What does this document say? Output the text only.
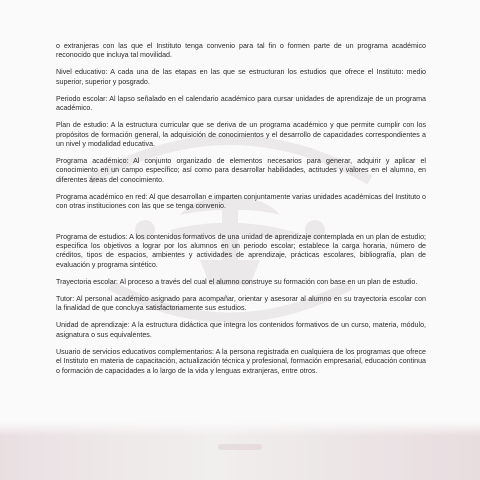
o extranjeras con las que el Instituto tenga convenio para tal fin o formen parte de un programa académico reconocido que incluya tal movilidad.

Nivel educativo: A cada una de las etapas en las que se estructuran los estudios que ofrece el Instituto: medio superior, superior y posgrado.

Periodo escolar: Al lapso señalado en el calendario académico para cursar unidades de aprendizaje de un programa académico.

Plan de estudio: A la estructura curricular que se deriva de un programa académico y que permite cumplir con los propósitos de formación general, la adquisición de conocimientos y el desarrollo de capacidades correspondientes a un nivel y modalidad educativa.

Programa académico: Al conjunto organizado de elementos necesarios para generar, adquirir y aplicar el conocimiento en un campo específico; así como para desarrollar habilidades, actitudes y valores en el alumno, en diferentes áreas del conocimiento.

Programa académico en red: Al que desarrollan e imparten conjuntamente varias unidades académicas del Instituto o con otras instituciones con las que se tenga convenio.

Programa de estudios: A los contenidos formativos de una unidad de aprendizaje contemplada en un plan de estudio; especifica los objetivos a lograr por los alumnos en un periodo escolar; establece la carga horaria, número de créditos, tipos de espacios, ambientes y actividades de aprendizaje, prácticas escolares, bibliografía, plan de evaluación y programa sintético.

Trayectoria escolar: Al proceso a través del cual el alumno construye su formación con base en un plan de estudio.

Tutor: Al personal académico asignado para acompañar, orientar y asesorar al alumno en su trayectoria escolar con la finalidad de que concluya satisfactoriamente sus estudios.

Unidad de aprendizaje: A la estructura didáctica que integra los contenidos formativos de un curso, materia, módulo, asignatura o sus equivalentes.

Usuario de servicios educativos complementarios: A la persona registrada en cualquiera de los programas que ofrece el Instituto en materia de capacitación, actualización técnica y profesional, formación empresarial, educación continua o formación de capacidades a lo largo de la vida y lenguas extranjeras, entre otros.
